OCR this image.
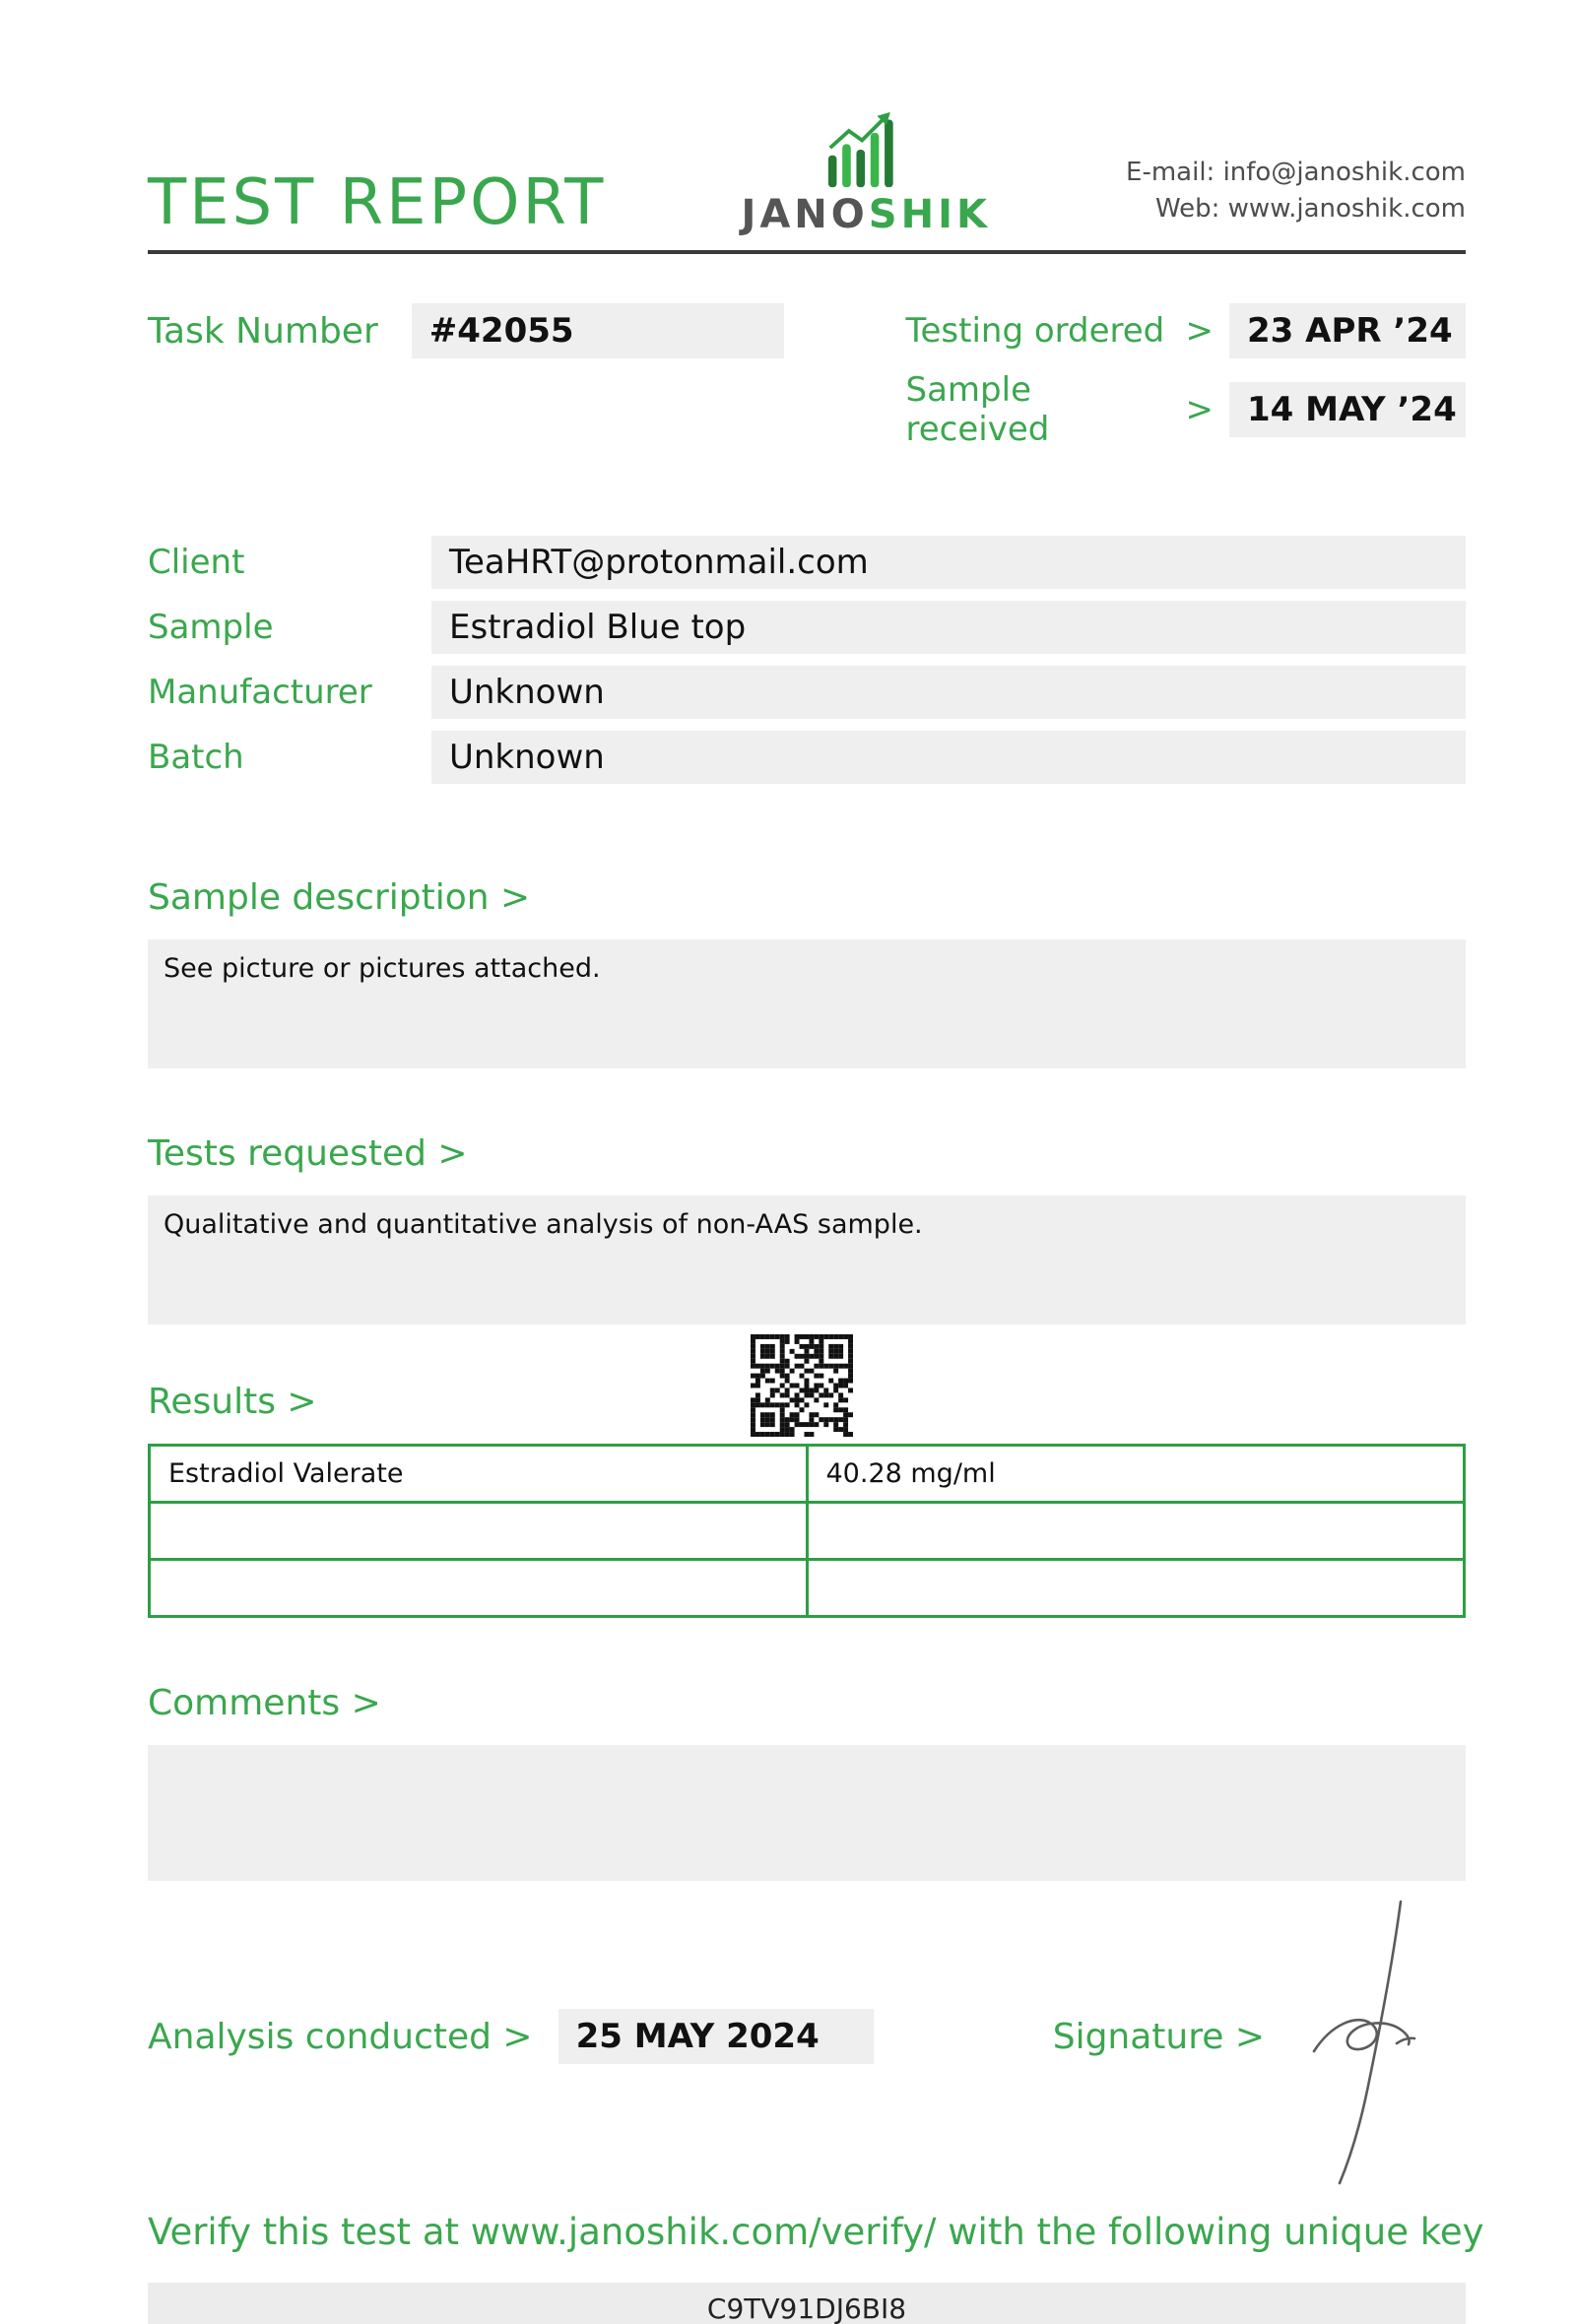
TEST REPORT	JANOSHIK
E-mail: info@janoshik.com
Web: www.janoshik.com
Task Number	#42055	Testing ordered >	23 APR ’24
Sample received	>	14 MAY ’24
Client	TeaHRT@protonmail.com
Sample	Estradiol Blue top
Manufacturer	Unknown
Batch	Unknown
Sample description >
See picture or pictures attached.
Tests requested >
Qualitative and quantitative analysis of non-AAS sample.
Results >
Estradiol Valerate	40.28 mg/ml

Comments >
Analysis conducted >	25 MAY 2024	Signature >
Verify this test at www.janoshik.com/verify/ with the following unique key
C9TV91DJ6BI8
